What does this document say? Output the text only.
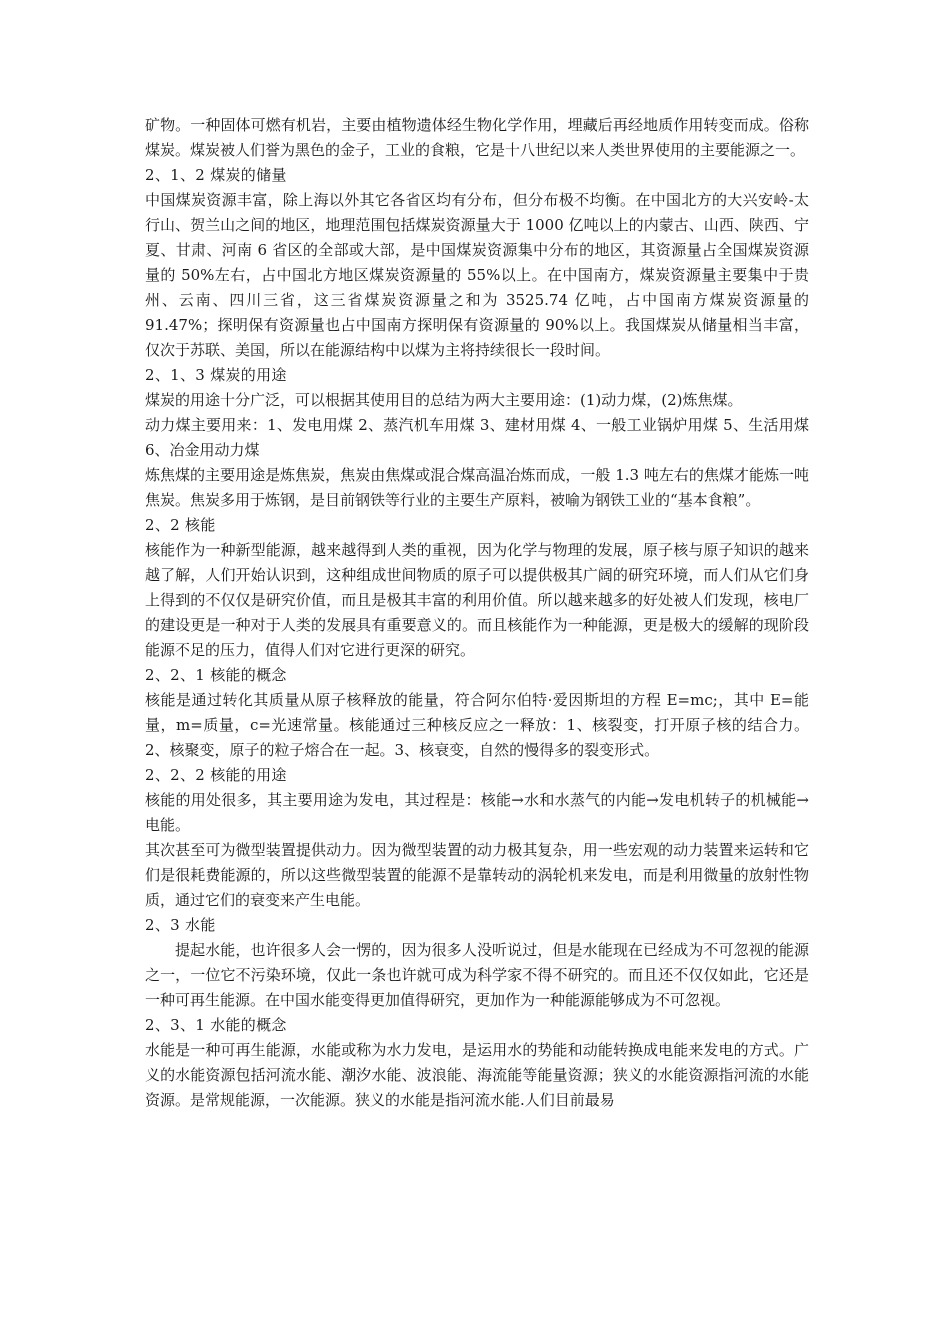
矿物。一种固体可燃有机岩，主要由植物遗体经生物化学作用，埋藏后再经地质作用转变而成。俗称煤炭。煤炭被人们誉为黑色的金子，工业的食粮，它是十八世纪以来人类世界使用的主要能源之一。

2、1、2 煤炭的储量

中国煤炭资源丰富，除上海以外其它各省区均有分布，但分布极不均衡。在中国北方的大兴安岭-太行山、贺兰山之间的地区，地理范围包括煤炭资源量大于 1000 亿吨以上的内蒙古、山西、陕西、宁夏、甘肃、河南 6 省区的全部或大部，是中国煤炭资源集中分布的地区，其资源量占全国煤炭资源量的 50%左右，占中国北方地区煤炭资源量的 55%以上。在中国南方，煤炭资源量主要集中于贵州、云南、四川三省，这三省煤炭资源量之和为 3525.74 亿吨，占中国南方煤炭资源量的 91.47%；探明保有资源量也占中国南方探明保有资源量的 90%以上。我国煤炭从储量相当丰富，仅次于苏联、美国，所以在能源结构中以煤为主将持续很长一段时间。

2、1、3 煤炭的用途

煤炭的用途十分广泛，可以根据其使用目的总结为两大主要用途：(1)动力煤，(2)炼焦煤。

动力煤主要用来：1、发电用煤 2、蒸汽机车用煤 3、建材用煤 4、一般工业锅炉用煤 5、生活用煤 6、冶金用动力煤

炼焦煤的主要用途是炼焦炭，焦炭由焦煤或混合煤高温冶炼而成，一般 1.3 吨左右的焦煤才能炼一吨焦炭。焦炭多用于炼钢，是目前钢铁等行业的主要生产原料，被喻为钢铁工业的“基本食粮”。

2、2 核能

核能作为一种新型能源，越来越得到人类的重视，因为化学与物理的发展，原子核与原子知识的越来越了解，人们开始认识到，这种组成世间物质的原子可以提供极其广阔的研究环境，而人们从它们身上得到的不仅仅是研究价值，而且是极其丰富的利用价值。所以越来越多的好处被人们发现，核电厂的建设更是一种对于人类的发展具有重要意义的。而且核能作为一种能源，更是极大的缓解的现阶段能源不足的压力，值得人们对它进行更深的研究。

2、2、1 核能的概念

核能是通过转化其质量从原子核释放的能量，符合阿尔伯特·爱因斯坦的方程 E=mc;，其中 E=能量，m=质量，c=光速常量。核能通过三种核反应之一释放：1、核裂变，打开原子核的结合力。2、核聚变，原子的粒子熔合在一起。3、核衰变，自然的慢得多的裂变形式。

2、2、2 核能的用途

核能的用处很多，其主要用途为发电，其过程是：核能→水和水蒸气的内能→发电机转子的机械能→电能。

其次甚至可为微型装置提供动力。因为微型装置的动力极其复杂，用一些宏观的动力装置来运转和它们是很耗费能源的，所以这些微型装置的能源不是靠转动的涡轮机来发电，而是利用微量的放射性物质，通过它们的衰变来产生电能。

2、3 水能

提起水能，也许很多人会一愣的，因为很多人没听说过，但是水能现在已经成为不可忽视的能源之一，一位它不污染环境，仅此一条也许就可成为科学家不得不研究的。而且还不仅仅如此，它还是一种可再生能源。在中国水能变得更加值得研究，更加作为一种能源能够成为不可忽视。

2、3、1 水能的概念

水能是一种可再生能源，水能或称为水力发电，是运用水的势能和动能转换成电能来发电的方式。广义的水能资源包括河流水能、潮汐水能、波浪能、海流能等能量资源；狭义的水能资源指河流的水能资源。是常规能源，一次能源。狭义的水能是指河流水能.人们目前最易
